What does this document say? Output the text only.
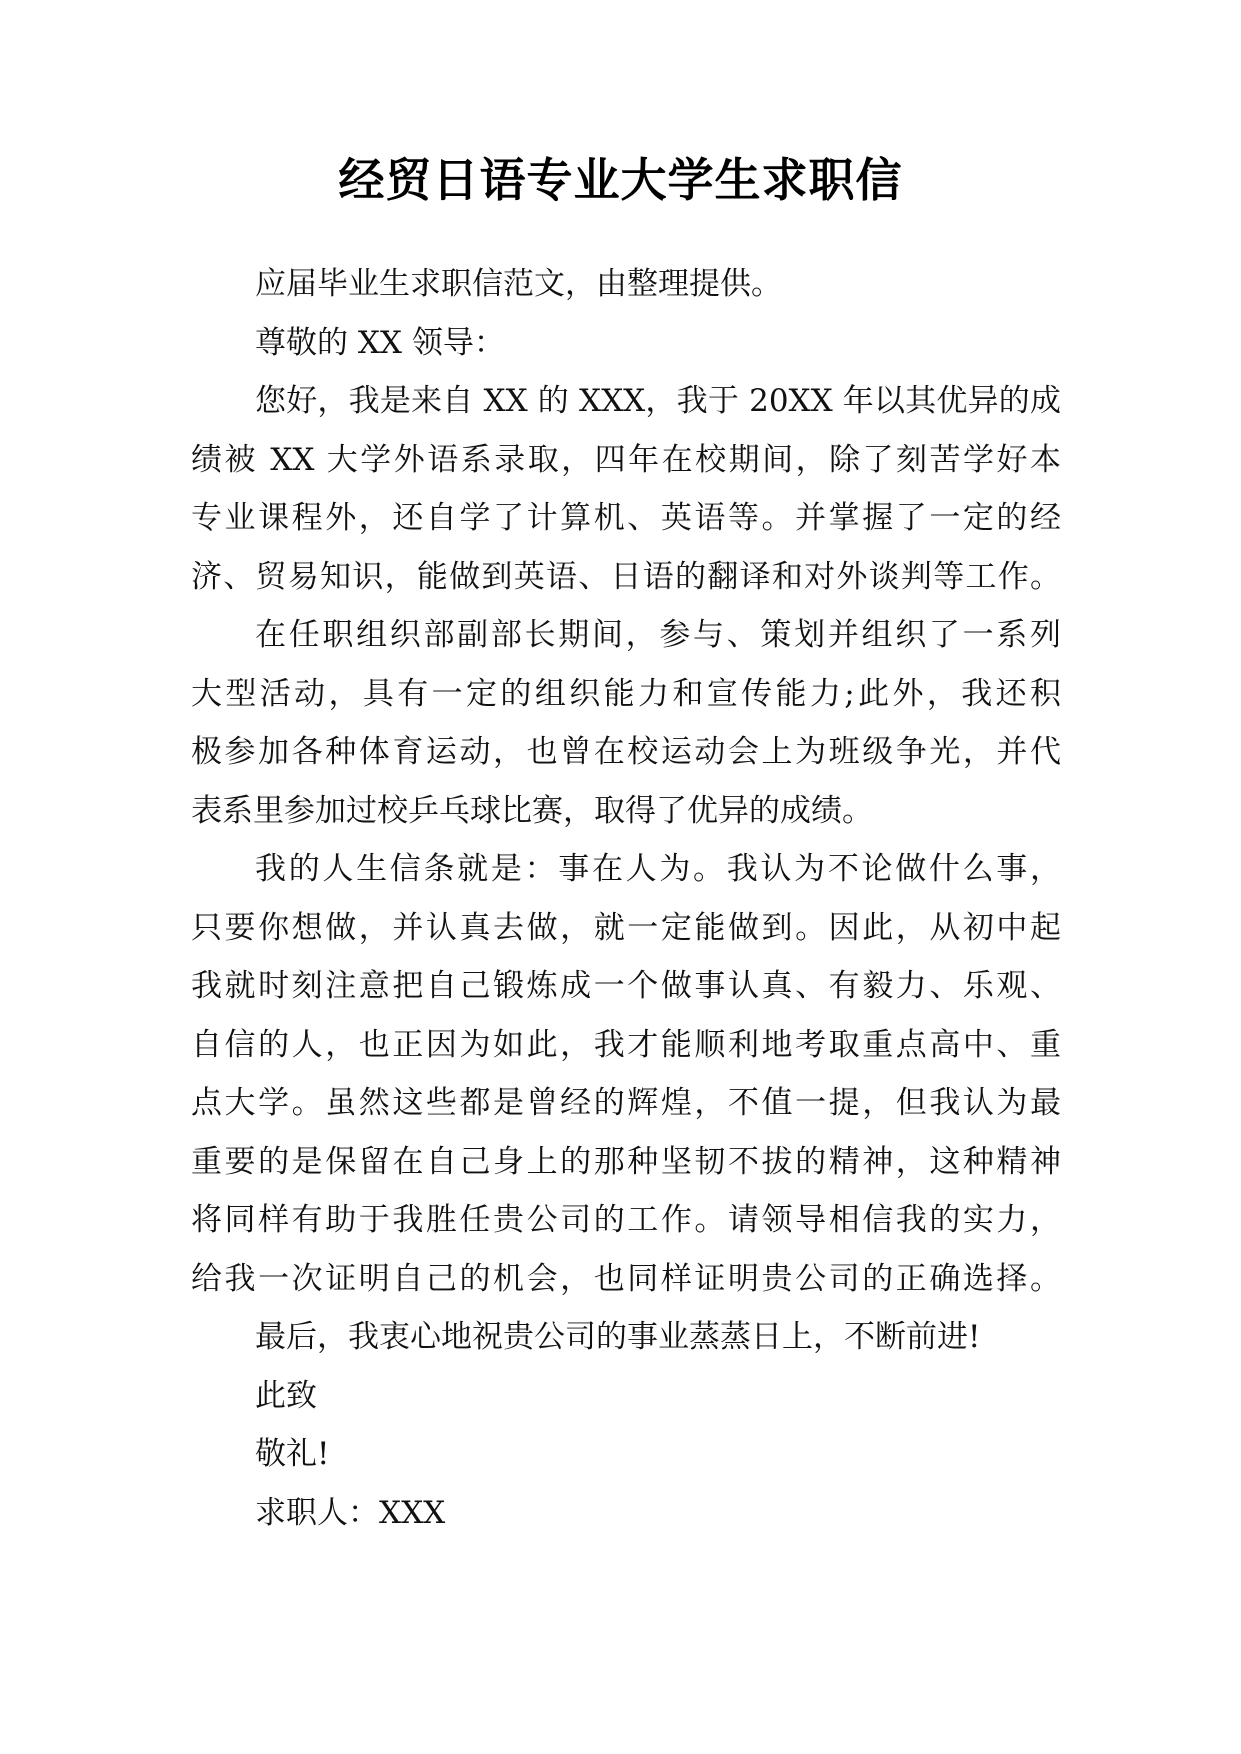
经贸日语专业大学生求职信
应届毕业生求职信范文，由整理提供。
尊敬的 XX 领导：
您好，我是来自 XX 的 XXX，我于 20XX 年以其优异的成
绩被 XX 大学外语系录取，四年在校期间，除了刻苦学好本
专业课程外，还自学了计算机、英语等。并掌握了一定的经
济、贸易知识，能做到英语、日语的翻译和对外谈判等工作。
在任职组织部副部长期间，参与、策划并组织了一系列
大型活动，具有一定的组织能力和宣传能力;此外，我还积
极参加各种体育运动，也曾在校运动会上为班级争光，并代
表系里参加过校乒乓球比赛，取得了优异的成绩。
我的人生信条就是：事在人为。我认为不论做什么事，
只要你想做，并认真去做，就一定能做到。因此，从初中起
我就时刻注意把自己锻炼成一个做事认真、有毅力、乐观、
自信的人，也正因为如此，我才能顺利地考取重点高中、重
点大学。虽然这些都是曾经的辉煌，不值一提，但我认为最
重要的是保留在自己身上的那种坚韧不拔的精神，这种精神
将同样有助于我胜任贵公司的工作。请领导相信我的实力，
给我一次证明自己的机会，也同样证明贵公司的正确选择。
最后，我衷心地祝贵公司的事业蒸蒸日上，不断前进!
此致
敬礼!
求职人：XXX
